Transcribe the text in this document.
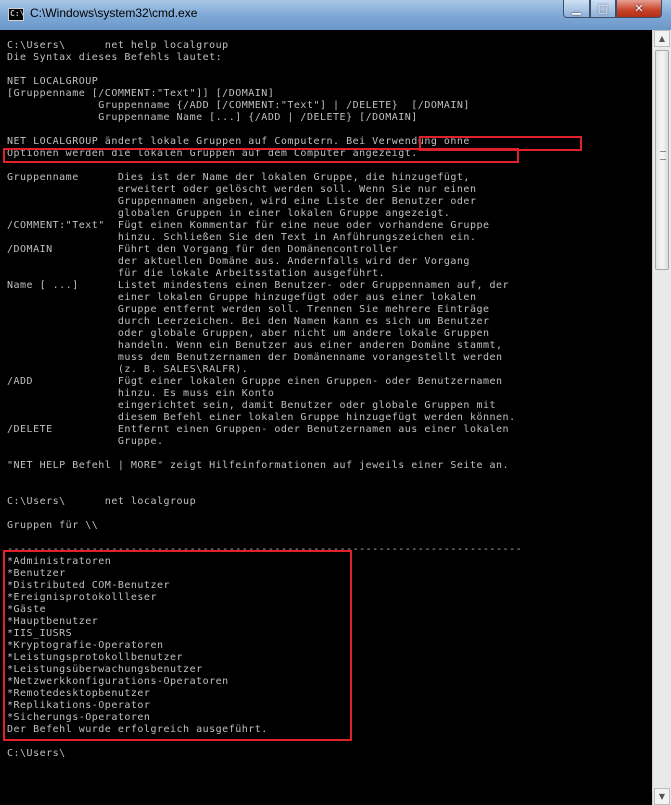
C:\ C:\Windows\system32\cmd.exe	▁	□	✕
C:\Users\      net help localgroup
Die Syntax dieses Befehls lautet:

NET LOCALGROUP
[Gruppenname [/COMMENT:"Text"]] [/DOMAIN]
Gruppenname {/ADD [/COMMENT:"Text"] | /DELETE}  [/DOMAIN]
Gruppenname Name [...] {/ADD | /DELETE} [/DOMAIN]

NET LOCALGROUP ändert lokale Gruppen auf Computern. Bei Verwendung ohne
Optionen werden die lokalen Gruppen auf dem Computer angezeigt.

Gruppenname      Dies ist der Name der lokalen Gruppe, die hinzugefügt,
erweitert oder gelöscht werden soll. Wenn Sie nur einen
Gruppennamen angeben, wird eine Liste der Benutzer oder
globalen Gruppen in einer lokalen Gruppe angezeigt.
/COMMENT:"Text"  Fügt einen Kommentar für eine neue oder vorhandene Gruppe
hinzu. Schließen Sie den Text in Anführungszeichen ein.
/DOMAIN          Führt den Vorgang für den Domänencontroller
der aktuellen Domäne aus. Andernfalls wird der Vorgang
für die lokale Arbeitsstation ausgeführt.
Name [ ...]      Listet mindestens einen Benutzer- oder Gruppennamen auf, der
einer lokalen Gruppe hinzugefügt oder aus einer lokalen
Gruppe entfernt werden soll. Trennen Sie mehrere Einträge
durch Leerzeichen. Bei den Namen kann es sich um Benutzer
oder globale Gruppen, aber nicht um andere lokale Gruppen
handeln. Wenn ein Benutzer aus einer anderen Domäne stammt,
muss dem Benutzernamen der Domänenname vorangestellt werden
(z. B. SALES\RALFR).
/ADD             Fügt einer lokalen Gruppe einen Gruppen- oder Benutzernamen
hinzu. Es muss ein Konto
eingerichtet sein, damit Benutzer oder globale Gruppen mit
diesem Befehl einer lokalen Gruppe hinzugefügt werden können.
/DELETE          Entfernt einen Gruppen- oder Benutzernamen aus einer lokalen
Gruppe.

"NET HELP Befehl | MORE" zeigt Hilfeinformationen auf jeweils einer Seite an.

C:\Users\      net localgroup

Gruppen für \\

-------------------------------------------------------------------------------
*Administratoren
*Benutzer
*Distributed COM-Benutzer
*Ereignisprotokollleser
*Gäste
*Hauptbenutzer
*IIS_IUSRS
*Kryptografie-Operatoren
*Leistungsprotokollbenutzer
*Leistungsüberwachungsbenutzer
*Netzwerkkonfigurations-Operatoren
*Remotedesktopbenutzer
*Replikations-Operator
*Sicherungs-Operatoren
Der Befehl wurde erfolgreich ausgeführt.

C:\Users\
▲
▼
